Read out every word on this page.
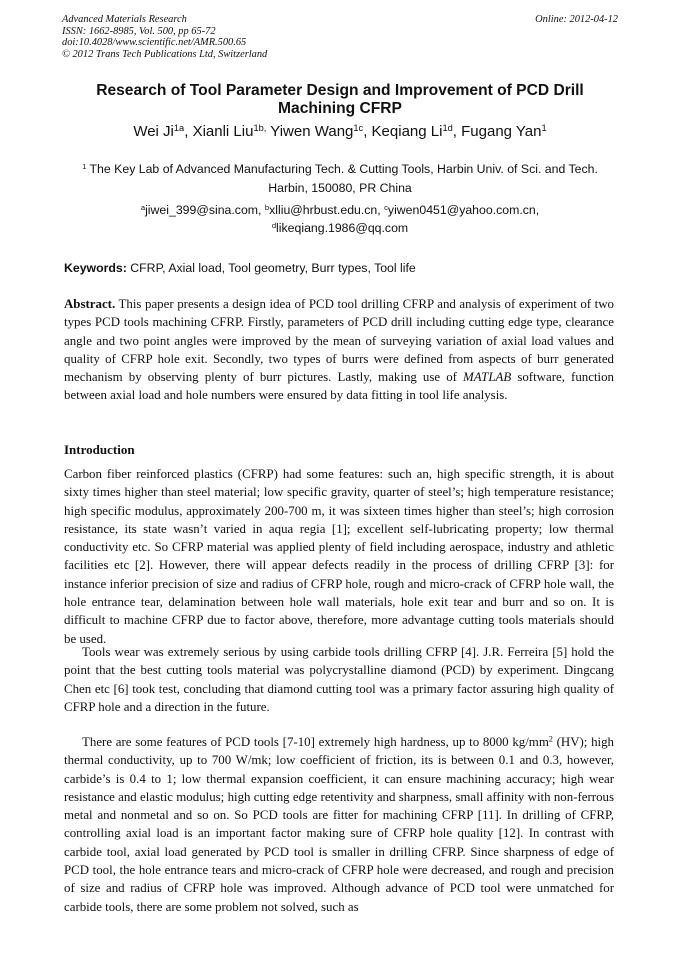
Advanced Materials Research
ISSN: 1662-8985, Vol. 500, pp 65-72
doi:10.4028/www.scientific.net/AMR.500.65
© 2012 Trans Tech Publications Ltd, Switzerland
Online: 2012-04-12
Research of Tool Parameter Design and Improvement of PCD Drill Machining CFRP
Wei $Ji^{1a}$, Xianli Liu$^{1b,}$ Yiwen Wang$^{1c}$, Keqiang $Li^{1d}$, Fugang Yan$^1$
$^1$ The Key Lab of Advanced Manufacturing Tech. & Cutting Tools, Harbin Univ. of Sci. and Tech.
Harbin, 150080, PR China
$^a$jiwei_399@sina.com, $^b$xlliu@hrbust.edu.cn, $^c$yiwen0451@yahoo.com.cn,
$^d$likeqiang.1986@qq.com
Keywords: CFRP, Axial load, Tool geometry, Burr types, Tool life
Abstract. This paper presents a design idea of PCD tool drilling CFRP and analysis of experiment of two types PCD tools machining CFRP. Firstly, parameters of PCD drill including cutting edge type, clearance angle and two point angles were improved by the mean of surveying variation of axial load values and quality of CFRP hole exit. Secondly, two types of burrs were defined from aspects of burr generated mechanism by observing plenty of burr pictures. Lastly, making use of MATLAB software, function between axial load and hole numbers were ensured by data fitting in tool life analysis.
Introduction
Carbon fiber reinforced plastics (CFRP) had some features: such an, high specific strength, it is about sixty times higher than steel material; low specific gravity, quarter of steel’s; high temperature resistance; high specific modulus, approximately 200-700 m, it was sixteen times higher than steel’s; high corrosion resistance, its state wasn’t varied in aqua regia [1]; excellent self-lubricating property; low thermal conductivity etc. So CFRP material was applied plenty of field including aerospace, industry and athletic facilities etc [2]. However, there will appear defects readily in the process of drilling CFRP [3]: for instance inferior precision of size and radius of CFRP hole, rough and micro-crack of CFRP hole wall, the hole entrance tear, delamination between hole wall materials, hole exit tear and burr and so on. It is difficult to machine CFRP due to factor above, therefore, more advantage cutting tools materials should be used.
Tools wear was extremely serious by using carbide tools drilling CFRP [4]. J.R. Ferreira [5] hold the point that the best cutting tools material was polycrystalline diamond (PCD) by experiment. Dingcang Chen etc [6] took test, concluding that diamond cutting tool was a primary factor assuring high quality of CFRP hole and a direction in the future.
There are some features of PCD tools [7-10] extremely high hardness, up to 8000 $kg/mm^2$ (HV); high thermal conductivity, up to 700 W/mk; low coefficient of friction, its is between 0.1 and 0.3, however, carbide’s is 0.4 to 1; low thermal expansion coefficient, it can ensure machining accuracy; high wear resistance and elastic modulus; high cutting edge retentivity and sharpness, small affinity with non-ferrous metal and nonmetal and so on. So PCD tools are fitter for machining CFRP [11]. In drilling of CFRP, controlling axial load is an important factor making sure of CFRP hole quality [12]. In contrast with carbide tool, axial load generated by PCD tool is smaller in drilling CFRP. Since sharpness of edge of PCD tool, the hole entrance tears and micro-crack of CFRP hole were decreased, and rough and precision of size and radius of CFRP hole was improved. Although advance of PCD tool were unmatched for carbide tools, there are some problem not solved, such as
